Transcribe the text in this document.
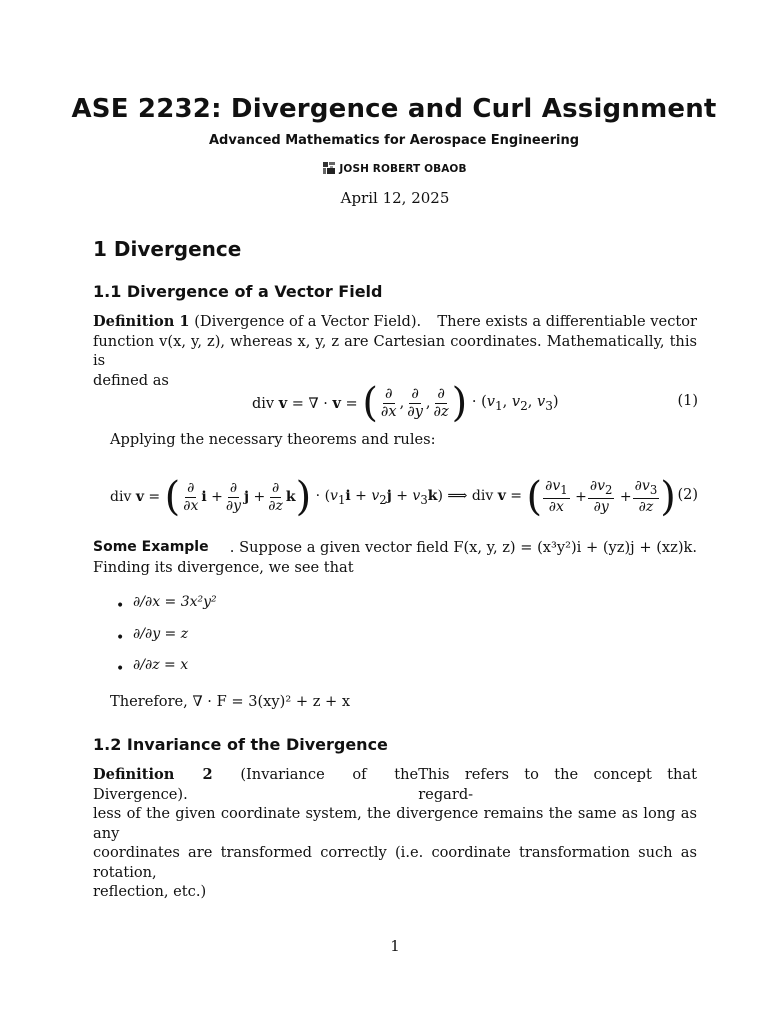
ASE 2232: Divergence and Curl Assignment
Advanced Mathematics for Aerospace Engineering
JOSH ROBERT OBAOB
April 12, 2025
1 Divergence
1.1 Divergence of a Vector Field
Definition 1 (Divergence of a Vector Field). There exists a differentiable vector
function v(x, y, z), whereas x, y, z are Cartesian coordinates. Mathematically, this is
defined as
div v = ∇ · v = ( $\frac{\partial}{\partial x}$ , $\frac{\partial}{\partial y}$ , $\frac{\partial}{\partial z}$ ) · ($v_1$, $v_2$, $v_3$)	(1)
Applying the necessary theorems and rules:
div v = ( $\frac{\partial}{\partial x}$ $i + \frac{\partial}{\partial y}$ $j + \frac{\partial}{\partial z}$ k ) · $(v_1i + v_2j + v_3k)$ ⟹ div v = ( $\frac{\partial v_1}{\partial x} + \frac{\partial v_2}{\partial y} + \frac{\partial v_3}{\partial z}$ ) (2)
Some Example	. Suppose a given vector field F(x, y, z) = (x³y²)i + (yz)j + (xz)k.
Finding its divergence, we see that
• ∂/∂x = 3x²y²
• ∂/∂y = z
• ∂/∂z = x
Therefore, ∇ · F = 3(xy)² + z + x
1.2 Invariance of the Divergence
Definition 2 (Invariance of the Divergence).
This refers to the concept that regard-
less of the given coordinate system, the divergence remains the same as long as any
coordinates are transformed correctly (i.e. coordinate transformation such as rotation,
reflection, etc.)
1
